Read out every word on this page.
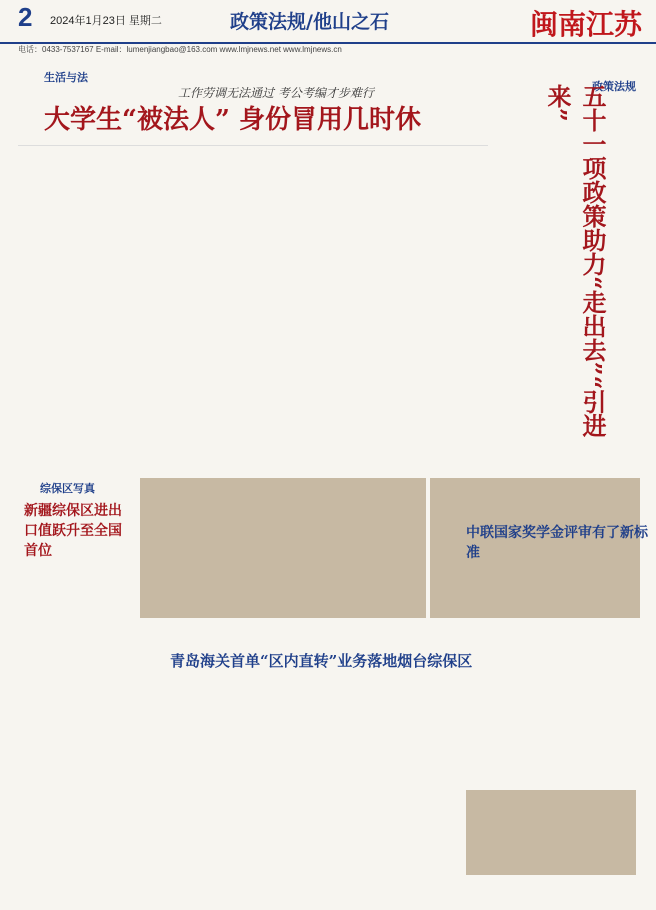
2 2024年1月23日 星期二	政策法规/他山之石	闽南江苏
电话：0433-7537167 E-mail：lumenjiangbao@163.com www.lmjnews.net www.lmjnews.cn
生活与法
工作劳调无法通过 考公考编才步难行
大学生“被法人” 身份冒用几时休
政策法规
五十一项政策助力“走出去”“引进来”
综保区写真
新疆综保区进出口值跃升至全国首位
青岛海关首单“区内直转”业务落地烟台综保区
中联国家奖学金评审有了新标准
